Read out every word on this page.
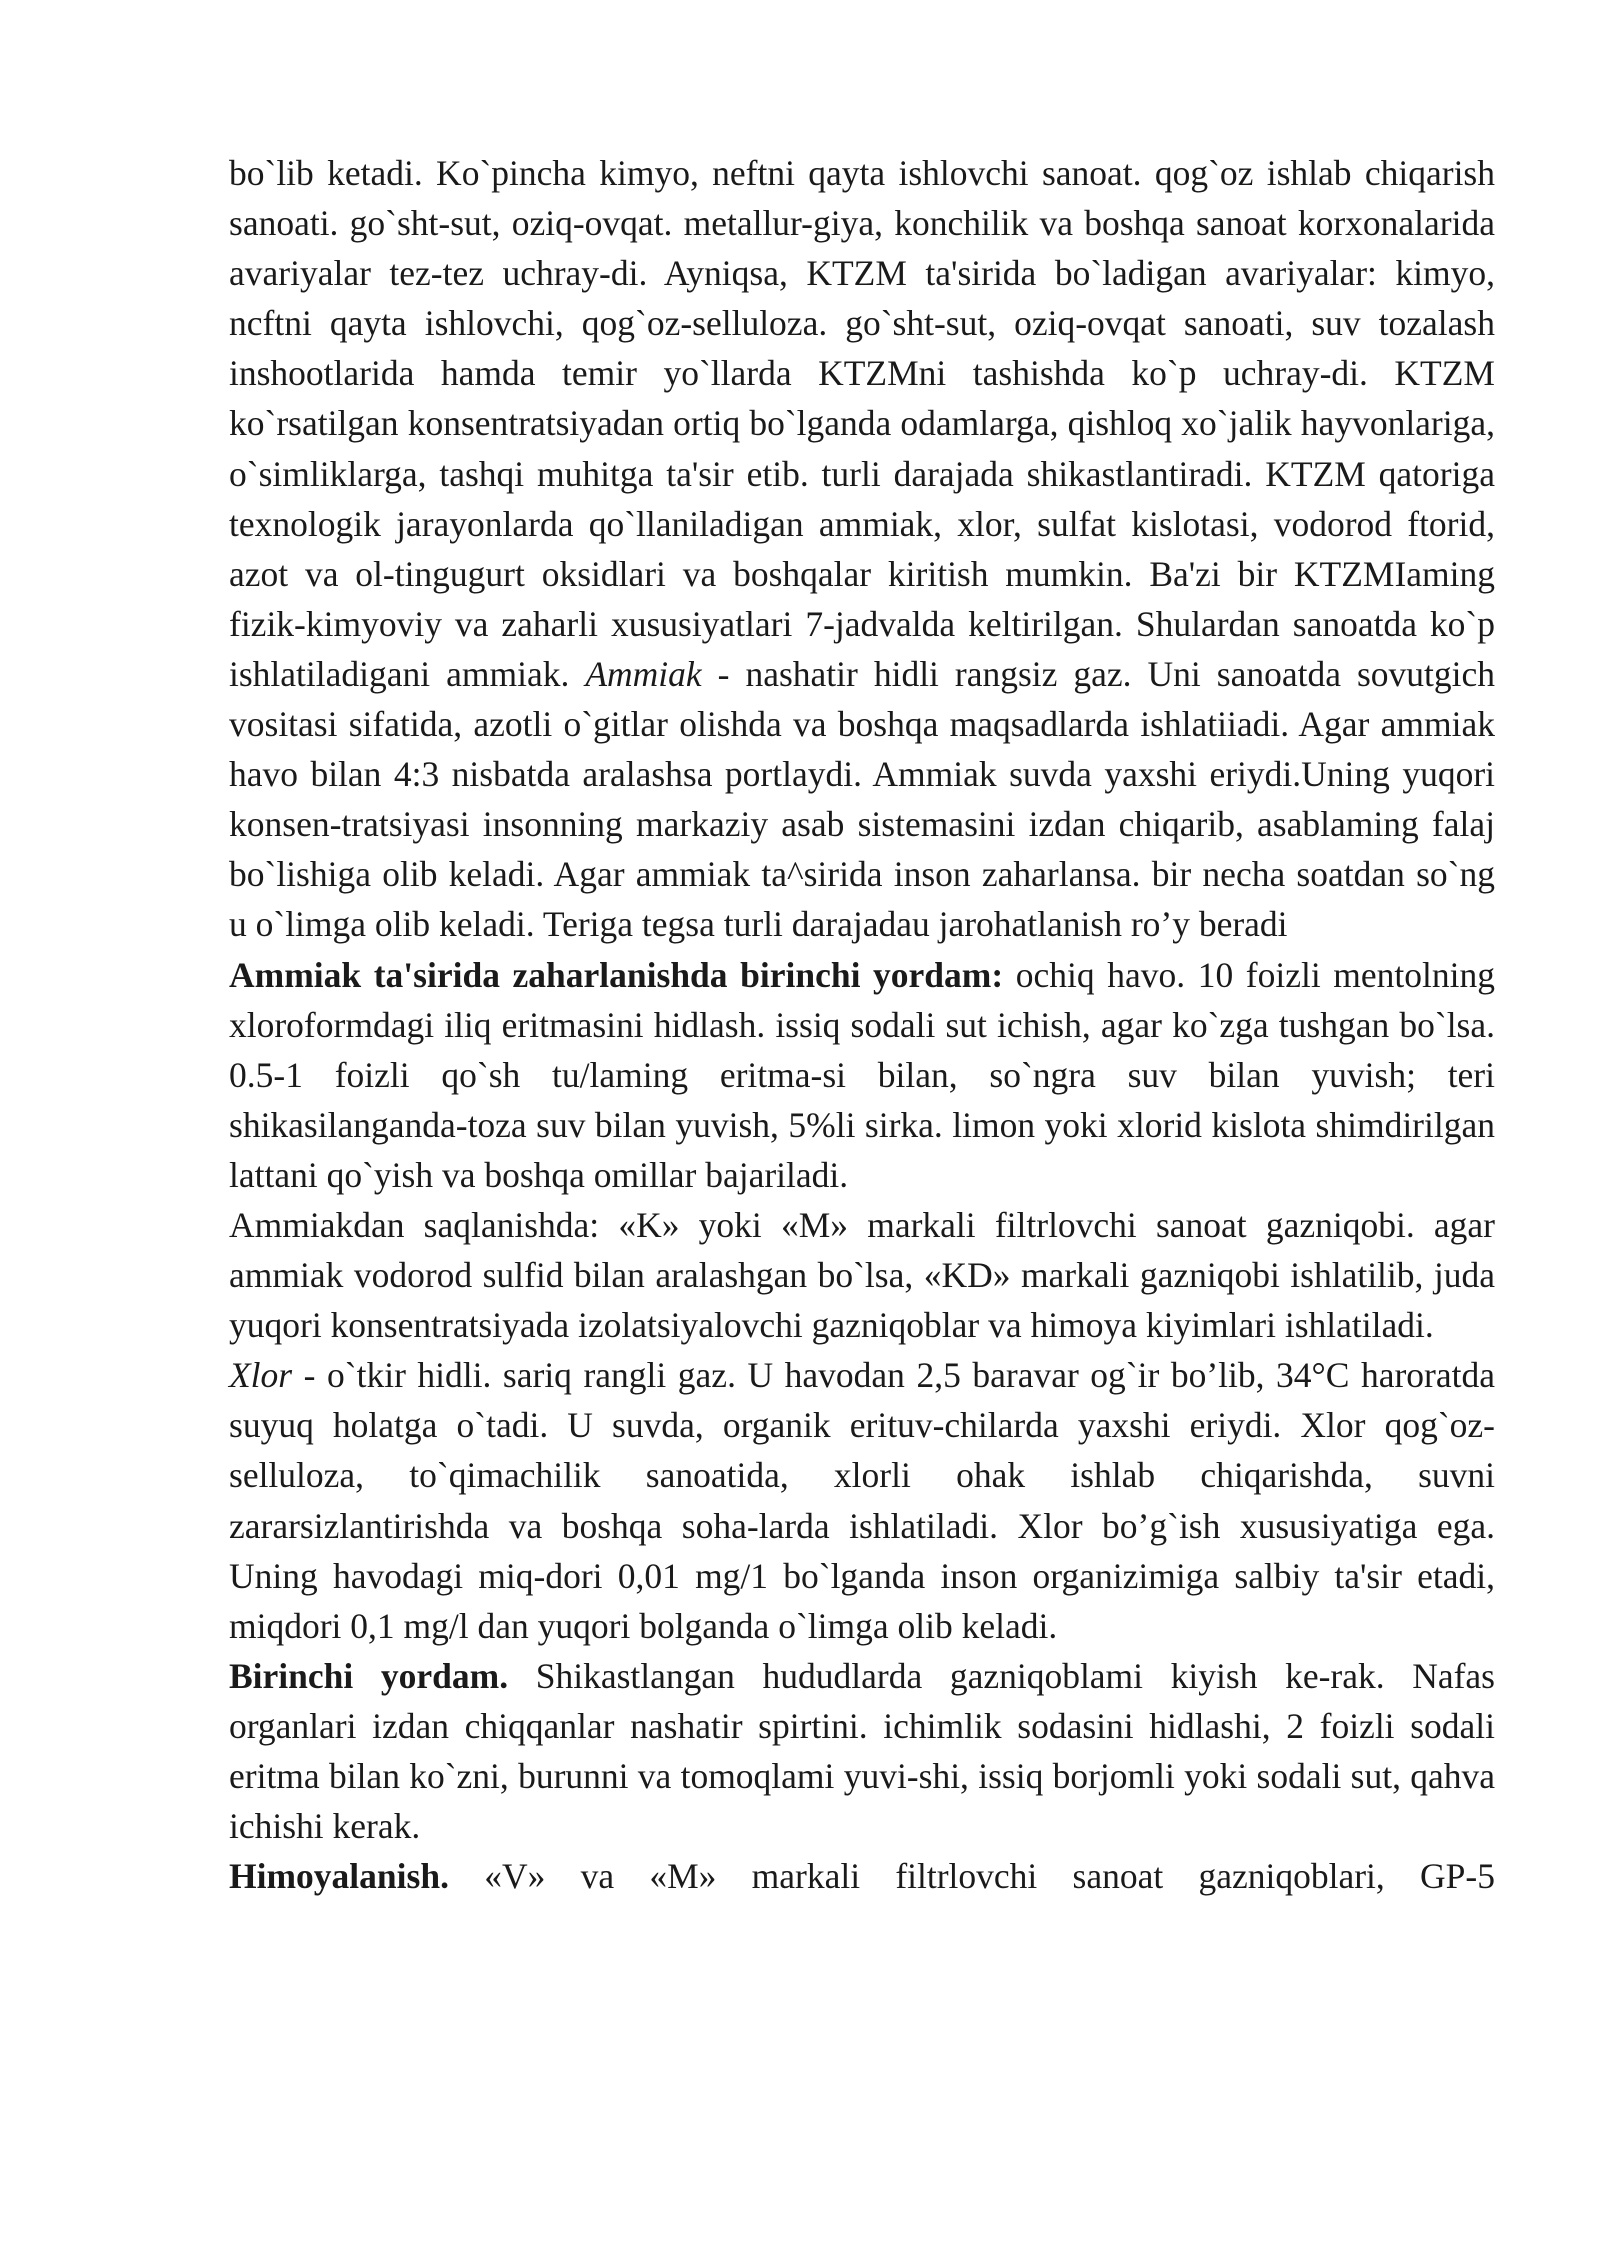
bo`lib ketadi. Ko`pincha kimyo, neftni qayta ishlovchi sanoat. qog`oz ishlab chiqarish sanoati. go`sht-sut, oziq-ovqat. metallur-giya, konchilik va boshqa sanoat korxonalarida avariyalar tez-tez uchray-di. Ayniqsa, KTZM ta'sirida bo`ladigan avariyalar: kimyo, ncftni qayta ishlovchi, qog`oz-selluloza. go`sht-sut, oziq-ovqat sanoati, suv tozalash inshootlarida hamda temir yo`llarda KTZMni tashishda ko`p uchray-di. KTZM ko`rsatilgan konsentratsiyadan ortiq bo`lganda odamlarga, qishloq xo`jalik hayvonlariga, o`simliklarga, tashqi muhitga ta'sir etib. turli darajada shikastlantiradi. KTZM qatoriga texnologik jarayonlarda qo`llaniladigan ammiak, xlor, sulfat kislotasi, vodorod ftorid, azot va ol-tingugurt oksidlari va boshqalar kiritish mumkin. Ba'zi bir KTZMIaming fizik-kimyoviy va zaharli xususiyatlari 7-jadvalda keltirilgan. Shulardan sanoatda ko`p ishlatiladigani ammiak. Ammiak - nashatir hidli rangsiz gaz. Uni sanoatda sovutgich vositasi sifatida, azotli o`gitlar olishda va boshqa maqsadlarda ishlatiiadi. Agar ammiak havo bilan 4:3 nisbatda aralashsa portlaydi. Ammiak suvda yaxshi eriydi.Uning yuqori konsen-tratsiyasi insonning markaziy asab sistemasini izdan chiqarib, asablaming falaj bo`lishiga olib keladi. Agar ammiak ta^sirida inson zaharlansa. bir necha soatdan so`ng u o`limga olib keladi. Teriga tegsa turli darajadau jarohatlanish ro’y beradi

Ammiak ta'sirida zaharlanishda birinchi yordam: ochiq havo. 10 foizli mentolning xloroformdagi iliq eritmasini hidlash. issiq sodali sut ichish, agar ko`zga tushgan bo`lsa. 0.5-1 foizli qo`sh tu/laming eritma-si bilan, so`ngra suv bilan yuvish; teri shikasilanganda-toza suv bilan yuvish, 5%li sirka. limon yoki xlorid kislota shimdirilgan lattani qo`yish va boshqa omillar bajariladi.

Ammiakdan saqlanishda: «K» yoki «M» markali filtrlovchi sanoat gazniqobi. agar ammiak vodorod sulfid bilan aralashgan bo`lsa, «KD» markali gazniqobi ishlatilib, juda yuqori konsentratsiyada izolatsiyalovchi gazniqoblar va himoya kiyimlari ishlatiladi.

Xlor - o`tkir hidli. sariq rangli gaz. U havodan 2,5 baravar og`ir bo’lib, 34°C haroratda suyuq holatga o`tadi. U suvda, organik erituv-chilarda yaxshi eriydi. Xlor qog`oz-selluloza, to`qimachilik sanoatida, xlorli ohak ishlab chiqarishda, suvni zararsizlantirishda va boshqa soha-larda ishlatiladi. Xlor bo’g`ish xususiyatiga ega. Uning havodagi miq-dori 0,01 mg/1 bo`lganda inson organizimiga salbiy ta'sir etadi, miqdori 0,1 mg/l dan yuqori bolganda o`limga olib keladi.

Birinchi yordam. Shikastlangan hududlarda gazniqoblami kiyish ke-rak. Nafas organlari izdan chiqqanlar nashatir spirtini. ichimlik sodasini hidlashi, 2 foizli sodali eritma bilan ko`zni, burunni va tomoqlami yuvi-shi, issiq borjomli yoki sodali sut, qahva ichishi kerak.

Himoyalanish. «V» va «M» markali filtrlovchi sanoat gazniqoblari, GP-5
